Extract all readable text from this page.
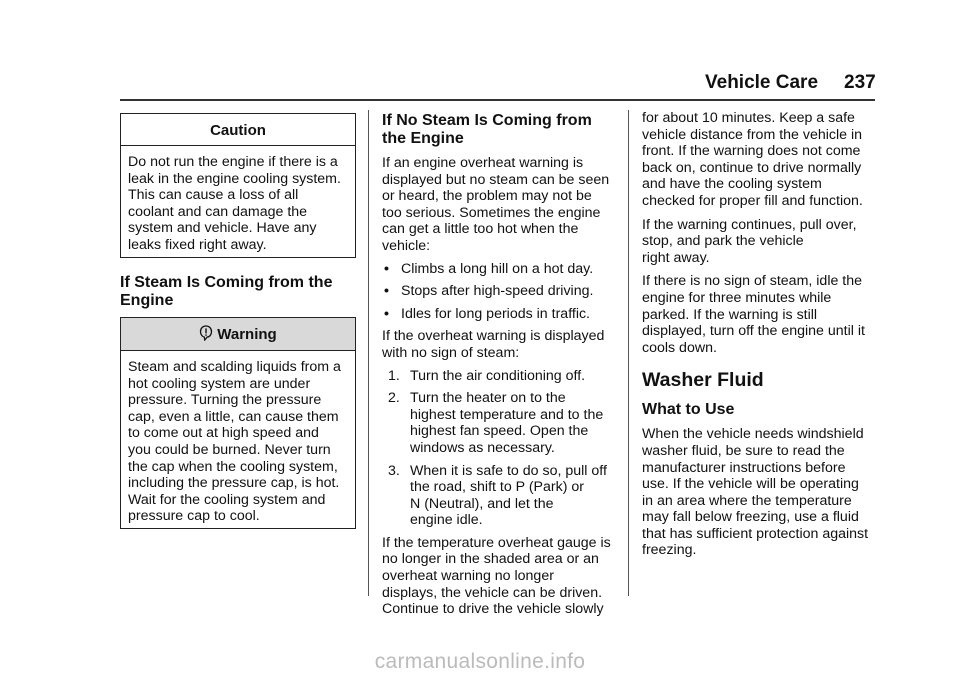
Vehicle Care 237
Caution
Do not run the engine if there is a
leak in the engine cooling system.
This can cause a loss of all
coolant and can damage the
system and vehicle. Have any
leaks fixed right away.
If Steam Is Coming from the
Engine
Warning
Steam and scalding liquids from a
hot cooling system are under
pressure. Turning the pressure
cap, even a little, can cause them
to come out at high speed and
you could be burned. Never turn
the cap when the cooling system,
including the pressure cap, is hot.
Wait for the cooling system and
pressure cap to cool.
If No Steam Is Coming from
the Engine
If an engine overheat warning is
displayed but no steam can be seen
or heard, the problem may not be
too serious. Sometimes the engine
can get a little too hot when the
vehicle:
• Climbs a long hill on a hot day.
• Stops after high-speed driving.
• Idles for long periods in traffic.
If the overheat warning is displayed
with no sign of steam:
1. Turn the air conditioning off.
2. Turn the heater on to the
highest temperature and to the
highest fan speed. Open the
windows as necessary.
3. When it is safe to do so, pull off
the road, shift to P (Park) or
N (Neutral), and let the
engine idle.
If the temperature overheat gauge is
no longer in the shaded area or an
overheat warning no longer
displays, the vehicle can be driven.
Continue to drive the vehicle slowly
for about 10 minutes. Keep a safe
vehicle distance from the vehicle in
front. If the warning does not come
back on, continue to drive normally
and have the cooling system
checked for proper fill and function.
If the warning continues, pull over,
stop, and park the vehicle
right away.
If there is no sign of steam, idle the
engine for three minutes while
parked. If the warning is still
displayed, turn off the engine until it
cools down.
Washer Fluid
What to Use
When the vehicle needs windshield
washer fluid, be sure to read the
manufacturer instructions before
use. If the vehicle will be operating
in an area where the temperature
may fall below freezing, use a fluid
that has sufficient protection against
freezing.
carmanualsonline.info
